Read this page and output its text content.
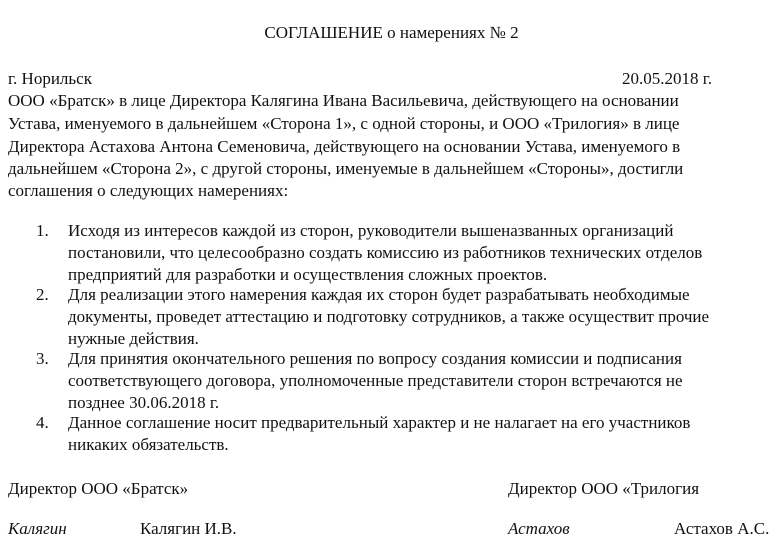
СОГЛАШЕНИЕ о намерениях № 2
г. Норильск	20.05.2018 г.
ООО «Братск» в лице Директора Калягина Ивана Васильевича, действующего на основании
Устава, именуемого в дальнейшем «Сторона 1», с одной стороны, и ООО «Трилогия» в лице
Директора Астахова Антона Семеновича, действующего на основании Устава, именуемого в
дальнейшем «Сторона 2», с другой стороны, именуемые в дальнейшем «Стороны», достигли
соглашения о следующих намерениях:
1. Исходя из интересов каждой из сторон, руководители вышеназванных организаций
постановили, что целесообразно создать комиссию из работников технических отделов
предприятий для разработки и осуществления сложных проектов.
2. Для реализации этого намерения каждая их сторон будет разрабатывать необходимые
документы, проведет аттестацию и подготовку сотрудников, а также осуществит прочие
нужные действия.
3. Для принятия окончательного решения по вопросу создания комиссии и подписания
соответствующего договора, уполномоченные представители сторон встречаются не
позднее 30.06.2018 г.
4. Данное соглашение носит предварительный характер и не налагает на его участников
никаких обязательств.
Директор ООО «Братск»	Директор ООО «Трилогия
Калягин	Калягин И.В.	Астахов	Астахов А.С.
